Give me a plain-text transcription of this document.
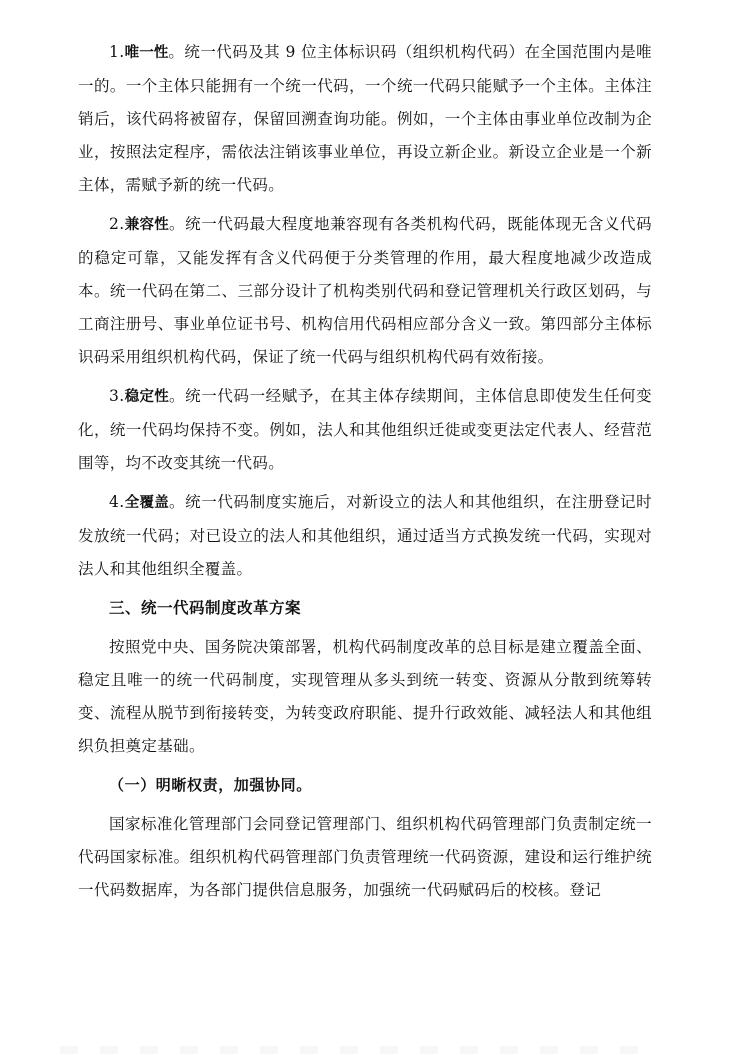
1.唯一性。统一代码及其 9 位主体标识码（组织机构代码）在全国范围内是唯一的。一个主体只能拥有一个统一代码，一个统一代码只能赋予一个主体。主体注销后，该代码将被留存，保留回溯查询功能。例如，一个主体由事业单位改制为企业，按照法定程序，需依法注销该事业单位，再设立新企业。新设立企业是一个新主体，需赋予新的统一代码。

2.兼容性。统一代码最大程度地兼容现有各类机构代码，既能体现无含义代码的稳定可靠，又能发挥有含义代码便于分类管理的作用，最大程度地减少改造成本。统一代码在第二、三部分设计了机构类别代码和登记管理机关行政区划码，与工商注册号、事业单位证书号、机构信用代码相应部分含义一致。第四部分主体标识码采用组织机构代码，保证了统一代码与组织机构代码有效衔接。

3.稳定性。统一代码一经赋予，在其主体存续期间，主体信息即使发生任何变化，统一代码均保持不变。例如，法人和其他组织迁徙或变更法定代表人、经营范围等，均不改变其统一代码。

4.全覆盖。统一代码制度实施后，对新设立的法人和其他组织，在注册登记时发放统一代码；对已设立的法人和其他组织，通过适当方式换发统一代码，实现对法人和其他组织全覆盖。

三、统一代码制度改革方案

按照党中央、国务院决策部署，机构代码制度改革的总目标是建立覆盖全面、稳定且唯一的统一代码制度，实现管理从多头到统一转变、资源从分散到统筹转变、流程从脱节到衔接转变，为转变政府职能、提升行政效能、减轻法人和其他组织负担奠定基础。

（一）明晰权责，加强协同。

国家标准化管理部门会同登记管理部门、组织机构代码管理部门负责制定统一代码国家标准。组织机构代码管理部门负责管理统一代码资源，建设和运行维护统一代码数据库，为各部门提供信息服务，加强统一代码赋码后的校核。登记
